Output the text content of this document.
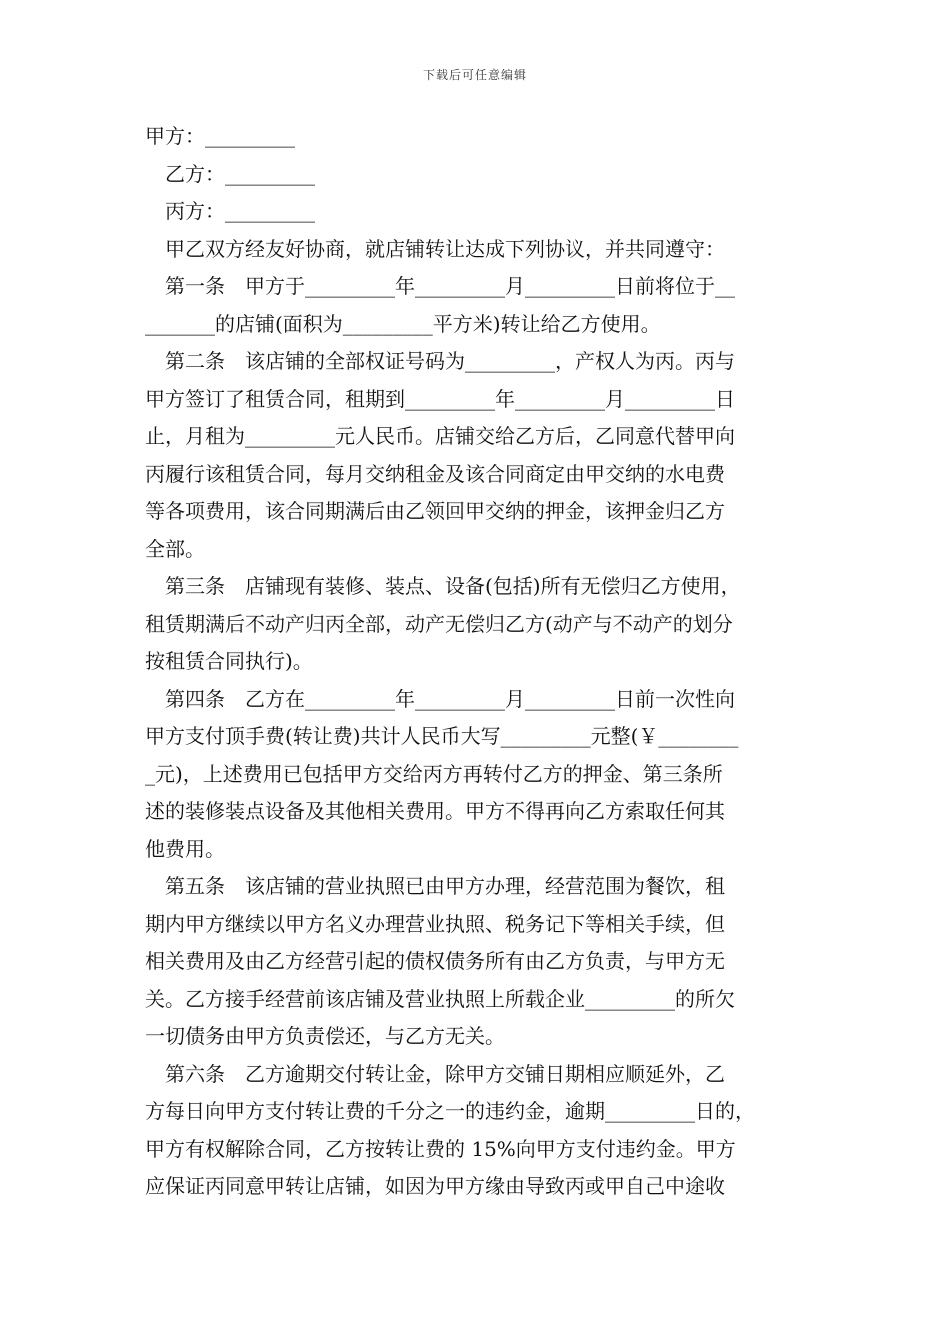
下载后可任意编辑
甲方：_________
　乙方：_________
　丙方：_________
　甲乙双方经友好协商，就店铺转让达成下列协议，并共同遵守：
　第一条　甲方于_________年_________月_________日前将位于__
_______的店铺(面积为_________平方米)转让给乙方使用。
　第二条　该店铺的全部权证号码为_________，产权人为丙。丙与
甲方签订了租赁合同，租期到_________年_________月_________日
止，月租为_________元人民币。店铺交给乙方后，乙同意代替甲向
丙履行该租赁合同，每月交纳租金及该合同商定由甲交纳的水电费
等各项费用，该合同期满后由乙领回甲交纳的押金，该押金归乙方
全部。
　第三条　店铺现有装修、装点、设备(包括)所有无偿归乙方使用，
租赁期满后不动产归丙全部，动产无偿归乙方(动产与不动产的划分
按租赁合同执行)。
　第四条　乙方在_________年_________月_________日前一次性向
甲方支付顶手费(转让费)共计人民币大写_________元整(￥________
_元)，上述费用已包括甲方交给丙方再转付乙方的押金、第三条所
述的装修装点设备及其他相关费用。甲方不得再向乙方索取任何其
他费用。
　第五条　该店铺的营业执照已由甲方办理，经营范围为餐饮，租
期内甲方继续以甲方名义办理营业执照、税务记下等相关手续，但
相关费用及由乙方经营引起的债权债务所有由乙方负责，与甲方无
关。乙方接手经营前该店铺及营业执照上所载企业_________的所欠
一切债务由甲方负责偿还，与乙方无关。
　第六条　乙方逾期交付转让金，除甲方交铺日期相应顺延外，乙
方每日向甲方支付转让费的千分之一的违约金，逾期_________日的，
甲方有权解除合同，乙方按转让费的 15%向甲方支付违约金。甲方
应保证丙同意甲转让店铺，如因为甲方缘由导致丙或甲自己中途收
